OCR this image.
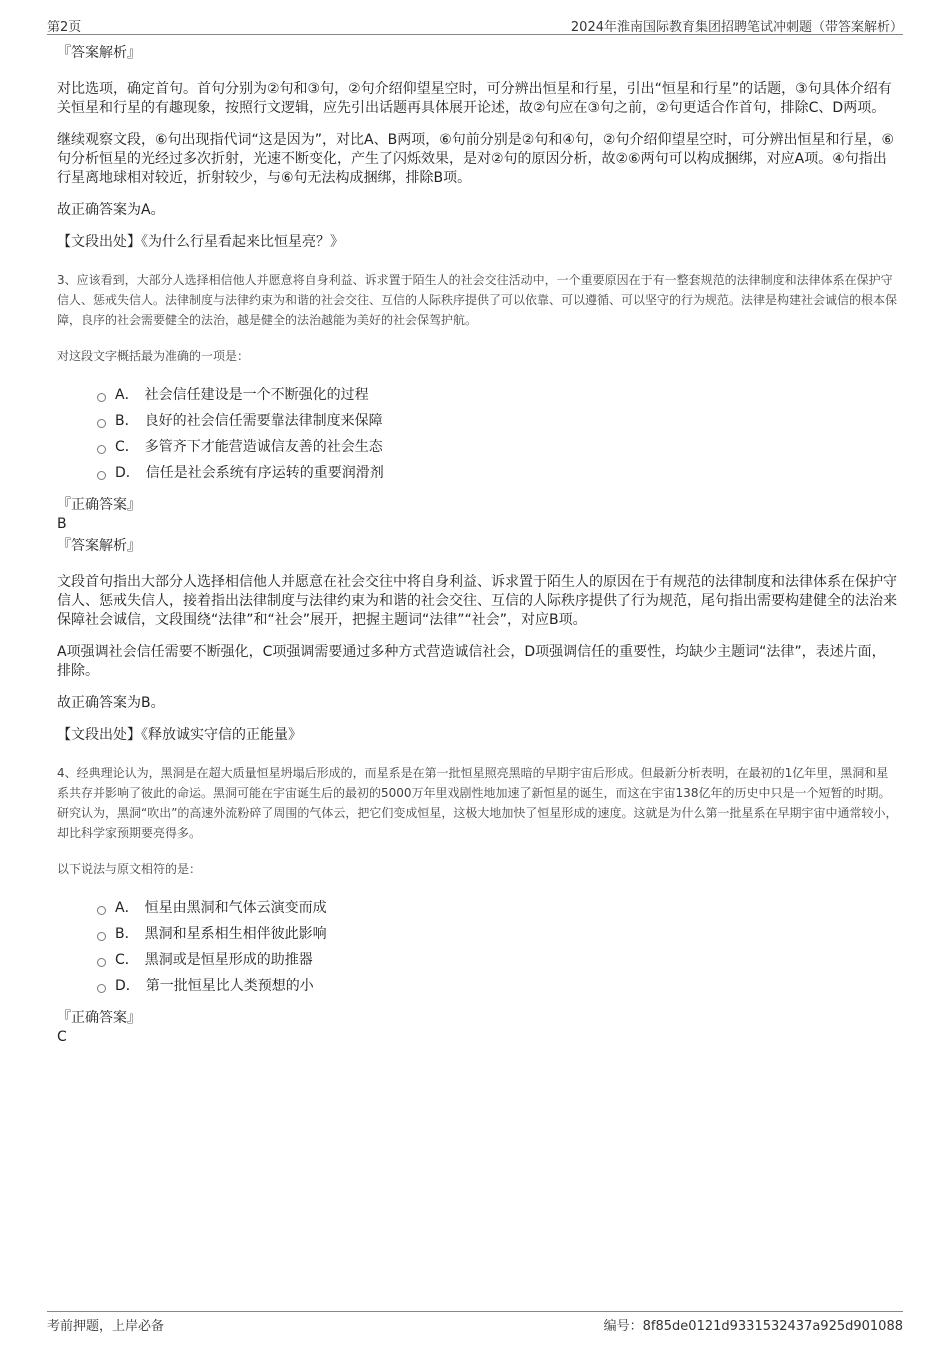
第2页	2024年淮南国际教育集团招聘笔试冲刺题（带答案解析）
『答案解析』

对比选项，确定首句。首句分别为②句和③句，②句介绍仰望星空时，可分辨出恒星和行星，引出“恒星和行星”的话题，③句具体介绍有关恒星和行星的有趣现象，按照行文逻辑，应先引出话题再具体展开论述，故②句应在③句之前，②句更适合作首句，排除C、D两项。

继续观察文段，⑥句出现指代词“这是因为”，对比A、B两项，⑥句前分别是②句和④句，②句介绍仰望星空时，可分辨出恒星和行星，⑥句分析恒星的光经过多次折射，光速不断变化，产生了闪烁效果，是对②句的原因分析，故②⑥两句可以构成捆绑，对应A项。④句指出行星离地球相对较近，折射较少，与⑥句无法构成捆绑，排除B项。

故正确答案为A。

【文段出处】《为什么行星看起来比恒星亮？》

3、应该看到，大部分人选择相信他人并愿意将自身利益、诉求置于陌生人的社会交往活动中，一个重要原因在于有一整套规范的法律制度和法律体系在保护守信人、惩戒失信人。法律制度与法律约束为和谐的社会交往、互信的人际秩序提供了可以依靠、可以遵循、可以坚守的行为规范。法律是构建社会诚信的根本保障，良序的社会需要健全的法治，越是健全的法治越能为美好的社会保驾护航。

对这段文字概括最为准确的一项是：

A． 社会信任建设是一个不断强化的过程
B． 良好的社会信任需要靠法律制度来保障
C． 多管齐下才能营造诚信友善的社会生态
D． 信任是社会系统有序运转的重要润滑剂
『正确答案』
B
『答案解析』

文段首句指出大部分人选择相信他人并愿意在社会交往中将自身利益、诉求置于陌生人的原因在于有规范的法律制度和法律体系在保护守信人、惩戒失信人，接着指出法律制度与法律约束为和谐的社会交往、互信的人际秩序提供了行为规范，尾句指出需要构建健全的法治来保障社会诚信，文段围绕“法律”和“社会”展开，把握主题词“法律”“社会”，对应B项。

A项强调社会信任需要不断强化，C项强调需要通过多种方式营造诚信社会，D项强调信任的重要性，均缺少主题词“法律”，表述片面，排除。

故正确答案为B。

【文段出处】《释放诚实守信的正能量》

4、经典理论认为，黑洞是在超大质量恒星坍塌后形成的，而星系是在第一批恒星照亮黑暗的早期宇宙后形成。但最新分析表明，在最初的1亿年里，黑洞和星系共存并影响了彼此的命运。黑洞可能在宇宙诞生后的最初的5000万年里戏剧性地加速了新恒星的诞生，而这在宇宙138亿年的历史中只是一个短暂的时期。研究认为，黑洞“吹出”的高速外流粉碎了周围的气体云，把它们变成恒星，这极大地加快了恒星形成的速度。这就是为什么第一批星系在早期宇宙中通常较小，却比科学家预期要亮得多。

以下说法与原文相符的是：

A． 恒星由黑洞和气体云演变而成
B． 黑洞和星系相生相伴彼此影响
C． 黑洞或是恒星形成的助推器
D． 第一批恒星比人类预想的小
『正确答案』
C
考前押题，上岸必备	编号：8f85de0121d9331532437a925d901088
